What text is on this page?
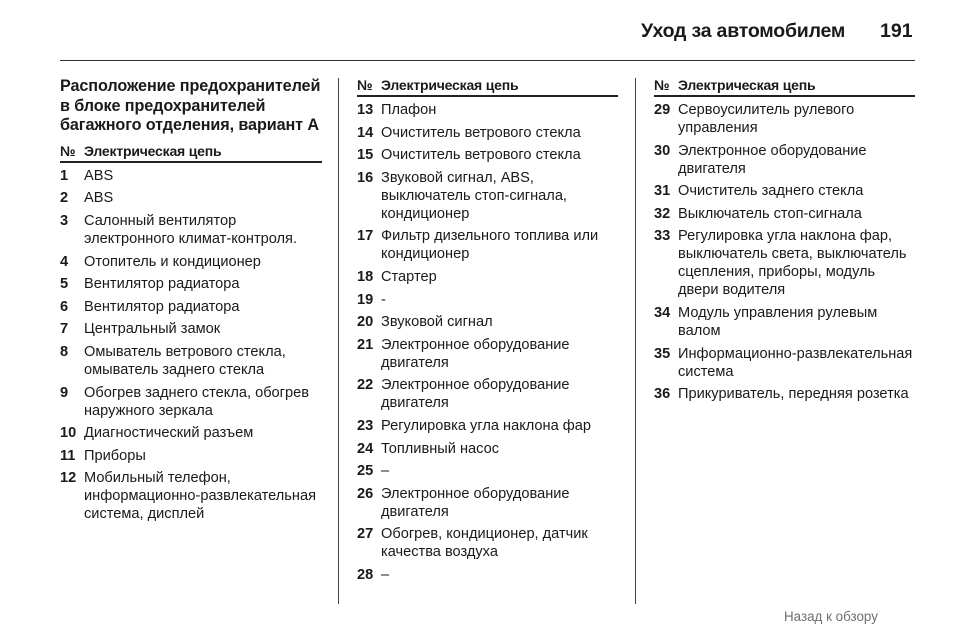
Уход за автомобилем 191
Расположение предохранителей в блоке предохранителей багажного отделения, вариант А
№ Электрическая цепь
1	ABS
2	ABS
3	Салонный вентилятор электронного климат-контроля.
4	Отопитель и кондиционер
5	Вентилятор радиатора
6	Вентилятор радиатора
7	Центральный замок
8	Омыватель ветрового стекла, омыватель заднего стекла
9	Обогрев заднего стекла, обогрев наружного зеркала
10 Диагностический разъем
11 Приборы
12 Мобильный телефон, информационно-развлекательная система, дисплей
№ Электрическая цепь
13 Плафон
14 Очиститель ветрового стекла
15 Очиститель ветрового стекла
16 Звуковой сигнал, ABS, выключатель стоп-сигнала, кондиционер
17 Фильтр дизельного топлива или кондиционер
18 Стартер
19 -
20 Звуковой сигнал
21 Электронное оборудование двигателя
22 Электронное оборудование двигателя
23 Регулировка угла наклона фар
24 Топливный насос
25 –
26 Электронное оборудование двигателя
27 Обогрев, кондиционер, датчик качества воздуха
28 –
№ Электрическая цепь
29 Сервоусилитель рулевого управления
30 Электронное оборудование двигателя
31 Очиститель заднего стекла
32 Выключатель стоп-сигнала
33 Регулировка угла наклона фар, выключатель света, выключатель сцепления, приборы, модуль двери водителя
34 Модуль управления рулевым валом
35 Информационно-развлекательная система
36 Прикуриватель, передняя розетка
Назад к обзору
